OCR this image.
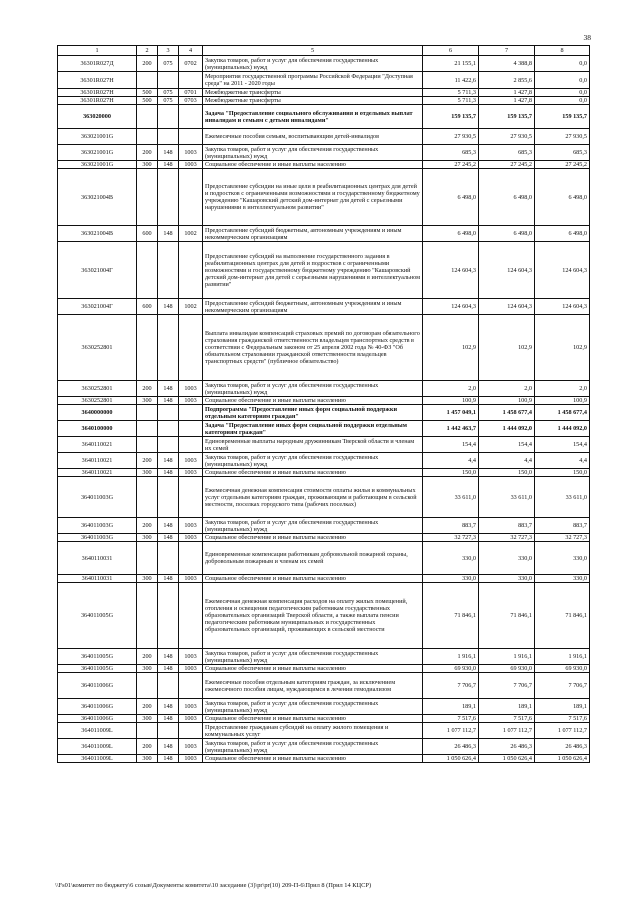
38
1	2	3	4	5	6	7	8
36301R027Д	200	075	0702	Закупка товаров, работ и услуг для обеспечения государственных (муниципальных) нужд	21 155,1	4 388,8	0,0
36301R027Н				Мероприятия государственной программы Российской Федерации "Доступная среда" на 2011 - 2020 годы	11 422,6	2 855,6	0,0
36301R027Н	500	075	0701	Межбюджетные трансферты	5 711,3	1 427,8	0,0
36301R027Н	500	075	0703	Межбюджетные трансферты	5 711,3	1 427,8	0,0
363020000				Задача "Предоставление социального обслуживания и отдельных выплат инвалидам и семьям с детьми инвалидами"	159 135,7	159 135,7	159 135,7
363021001G				Ежемесячные пособия семьям, воспитывающим детей-инвалидов	27 930,5	27 930,5	27 930,5
363021001G	200	148	1003	Закупка товаров, работ и услуг для обеспечения государственных (муниципальных) нужд	685,3	685,3	685,3
363021001G	300	148	1003	Социальное обеспечение и иные выплаты населению	27 245,2	27 245,2	27 245,2
363021004В				Предоставление субсидии на иные цели в реабилитационных центрах для детей и подростков с ограниченными возможностями и государственному бюджетному учреждению "Кашаровский детский дом-интернат для детей с серьезными нарушениями в интеллектуальном развитии"	6 498,0	6 498,0	6 498,0
363021004В	600	148	1002	Предоставление субсидий бюджетным, автономным учреждениям и иным некоммерческим организациям	6 498,0	6 498,0	6 498,0
363021004Г				Предоставление субсидий на выполнение государственного задания в реабилитационных центрах для детей и подростков с ограниченными возможностями и государственному бюджетному учреждению "Кашаровский детский дом-интернат для детей с серьезными нарушениями в интеллектуальном развитии"	124 604,3	124 604,3	124 604,3
363021004Г	600	148	1002	Предоставление субсидий бюджетным, автономным учреждениям и иным некоммерческим организациям	124 604,3	124 604,3	124 604,3
3630252801				Выплата инвалидам компенсаций страховых премий по договорам обязательного страхования гражданской ответственности владельцев транспортных средств в соответствии с Федеральным законом от 25 апреля 2002 года № 40-ФЗ "Об обязательном страховании гражданской ответственности владельцев транспортных средств" (публичное обязательство)	102,9	102,9	102,9
3630252801	200	148	1003	Закупка товаров, работ и услуг для обеспечения государственных (муниципальных) нужд	2,0	2,0	2,0
3630252801	300	148	1003	Социальное обеспечение и иные выплаты населению	100,9	100,9	100,9
3640000000				Подпрограмма "Предоставление иных форм социальной поддержки отдельным категориям граждан"	1 457 049,1	1 458 677,4	1 458 677,4
3640100000				Задача "Предоставление иных форм социальной поддержки отдельным категориям граждан"	1 442 463,7	1 444 092,0	1 444 092,0
3640110021				Единовременные выплаты народным дружинникам Тверской области и членам их семей	154,4	154,4	154,4
3640110021	200	148	1003	Закупка товаров, работ и услуг для обеспечения государственных (муниципальных) нужд	4,4	4,4	4,4
3640110021	300	148	1003	Социальное обеспечение и иные выплаты населению	150,0	150,0	150,0
364011003G				Ежемесячная денежная компенсация стоимости оплаты жилья и коммунальных услуг отдельным категориям граждан, проживающим и работающим в сельской местности, поселках городского типа (рабочих поселках)	33 611,0	33 611,0	33 611,0
364011003G	200	148	1003	Закупка товаров, работ и услуг для обеспечения государственных (муниципальных) нужд	883,7	883,7	883,7
364011003G	300	148	1003	Социальное обеспечение и иные выплаты населению	32 727,3	32 727,3	32 727,3
3640110031				Единовременные компенсации работникам добровольной пожарной охраны, добровольным пожарным и членам их семей	330,0	330,0	330,0
3640110031	300	148	1003	Социальное обеспечение и иные выплаты населению	330,0	330,0	330,0
364011005G				Ежемесячная денежная компенсация расходов на оплату жилых помещений, отопления и освещения педагогическим работникам государственных образовательных организаций Тверской области, а также выплата пенсии педагогическим работникам муниципальных и государственных образовательных организаций, проживающих в сельской местности	71 846,1	71 846,1	71 846,1
364011005G	200	148	1003	Закупка товаров, работ и услуг для обеспечения государственных (муниципальных) нужд	1 916,1	1 916,1	1 916,1
364011005G	300	148	1003	Социальное обеспечение и иные выплаты населению	69 930,0	69 930,0	69 930,0
364011006G				Ежемесячные пособия отдельным категориям граждан, за исключением ежемесячного пособия лицам, нуждающимся в лечении гемодиализом	7 706,7	7 706,7	7 706,7
364011006G	200	148	1003	Закупка товаров, работ и услуг для обеспечения государственных (муниципальных) нужд	189,1	189,1	189,1
364011006G	300	148	1003	Социальное обеспечение и иные выплаты населению	7 517,6	7 517,6	7 517,6
364011009L				Предоставление гражданам субсидий на оплату жилого помещения и коммунальных услуг	1 077 112,7	1 077 112,7	1 077 112,7
364011009L	200	148	1003	Закупка товаров, работ и услуг для обеспечения государственных (муниципальных) нужд	26 486,3	26 486,3	26 486,3
364011009L	300	148	1003	Социальное обеспечение и иные выплаты населению	1 050 626,4	1 050 626,4	1 050 626,4
\\Fs01\комитет по бюджету\6 созыв\Документы комитета\10 заседание (3)\pr\pr(10) 209-П-6\Прил 8 (Прил 14 КЦСР)
